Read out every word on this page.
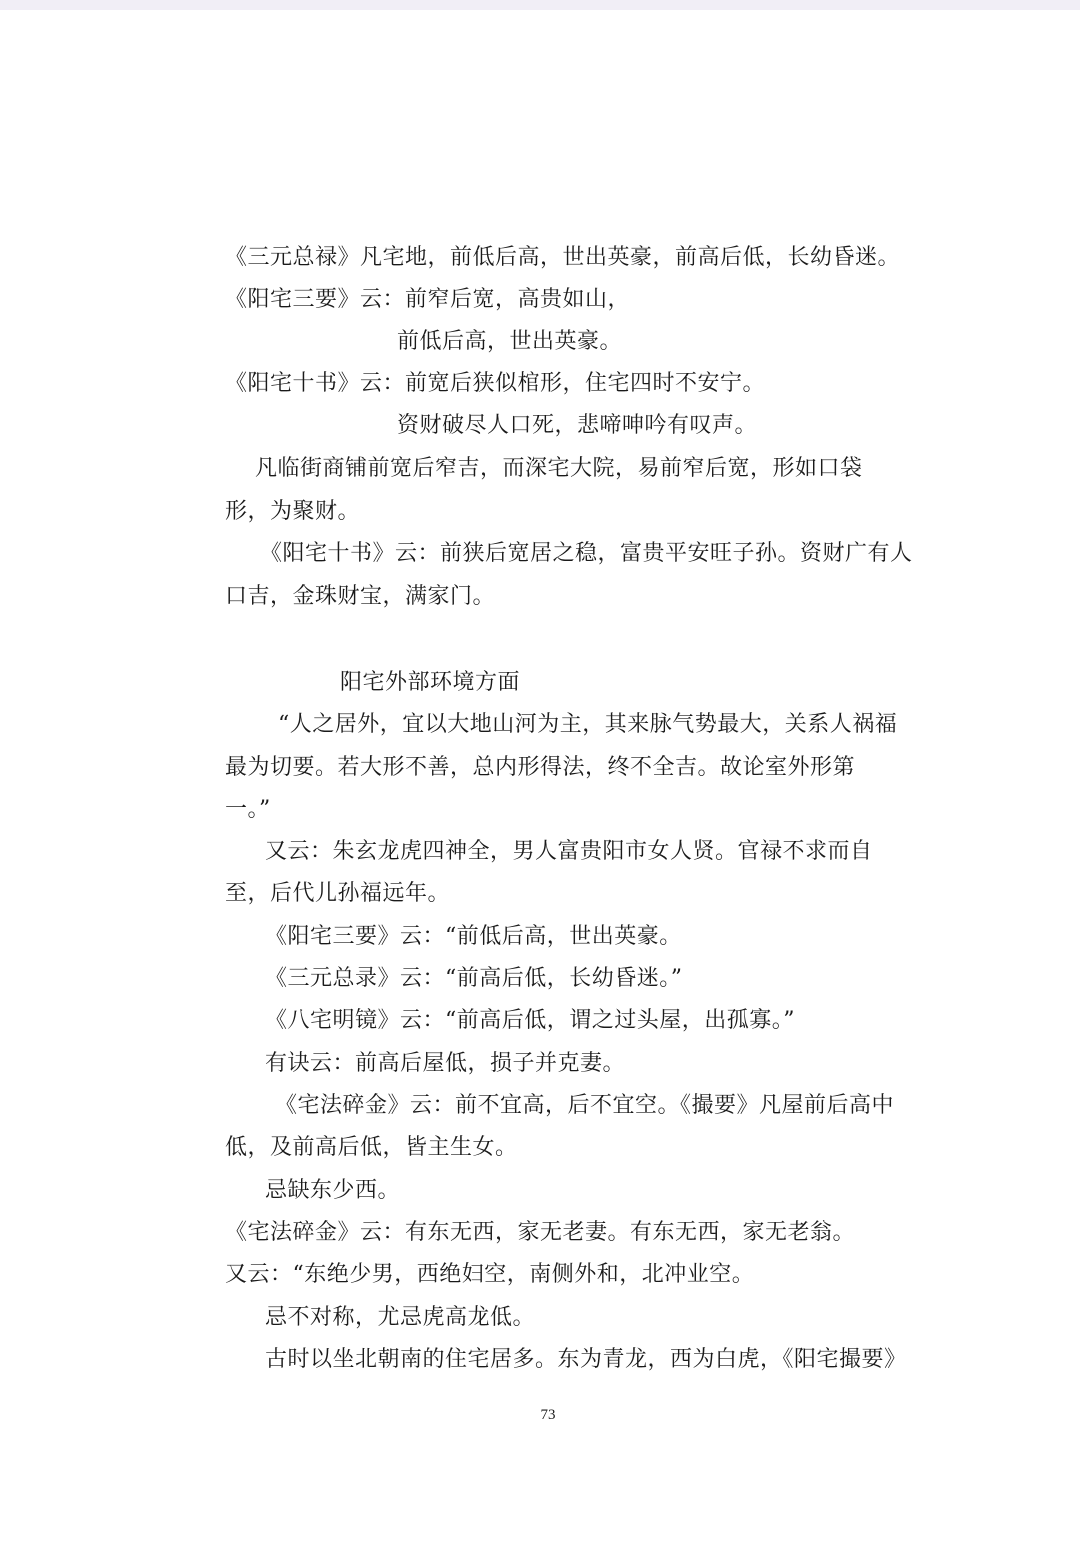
《三元总禄》凡宅地，前低后高，世出英豪，前高后低，长幼昏迷。
《阳宅三要》云：前窄后宽，高贵如山，
前低后高，世出英豪。
《阳宅十书》云：前宽后狭似棺形，住宅四时不安宁。
资财破尽人口死，悲啼呻吟有叹声。
凡临街商铺前宽后窄吉，而深宅大院，易前窄后宽，形如口袋
形，为聚财。
《阳宅十书》云：前狭后宽居之稳，富贵平安旺子孙。资财广有人
口吉，金珠财宝，满家门。
阳宅外部环境方面
“人之居外，宜以大地山河为主，其来脉气势最大，关系人祸福
最为切要。若大形不善，总内形得法，终不全吉。故论室外形第
一。”
又云：朱玄龙虎四神全，男人富贵阳市女人贤。官禄不求而自
至，后代儿孙福远年。
《阳宅三要》云：“前低后高，世出英豪。
《三元总录》云：“前高后低，长幼昏迷。”
《八宅明镜》云：“前高后低，谓之过头屋，出孤寡。”
有诀云：前高后屋低，损子并克妻。
《宅法碎金》云：前不宜高，后不宜空。《撮要》凡屋前后高中
低，及前高后低，皆主生女。
忌缺东少西。
《宅法碎金》云：有东无西，家无老妻。有东无西，家无老翁。
又云：“东绝少男，西绝妇空，南侧外和，北冲业空。
忌不对称，尤忌虎高龙低。
古时以坐北朝南的住宅居多。东为青龙，西为白虎，《阳宅撮要》
73
